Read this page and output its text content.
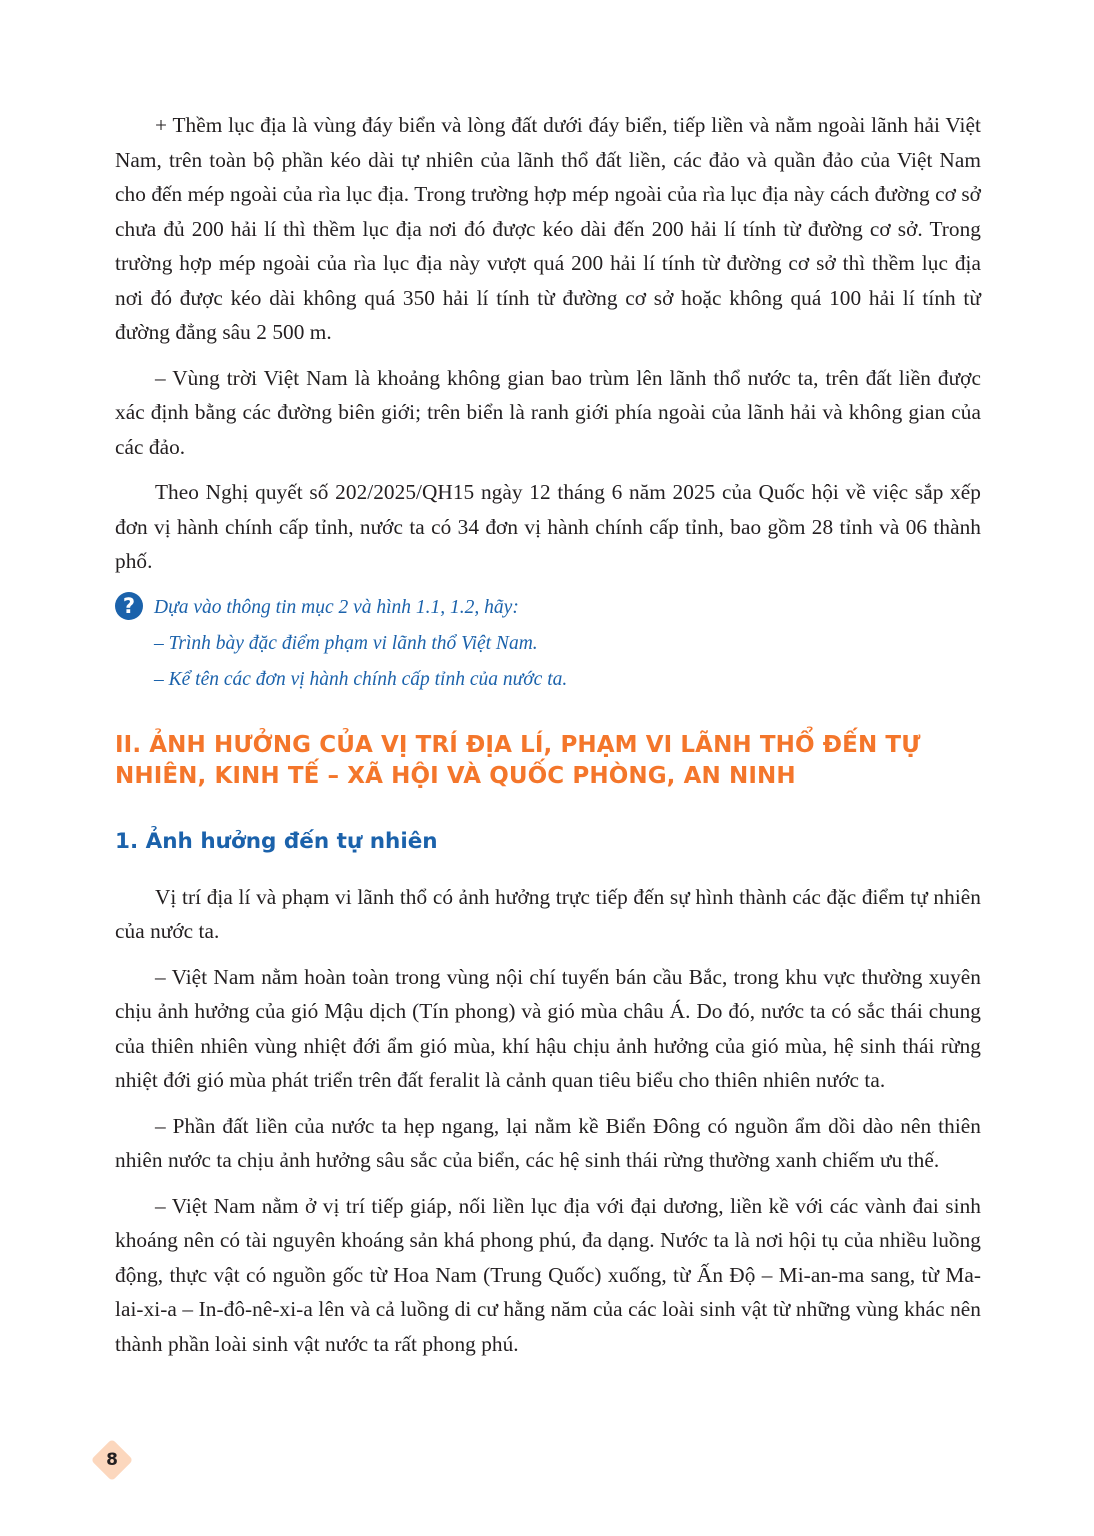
+ Thềm lục địa là vùng đáy biển và lòng đất dưới đáy biển, tiếp liền và nằm ngoài lãnh hải Việt Nam, trên toàn bộ phần kéo dài tự nhiên của lãnh thổ đất liền, các đảo và quần đảo của Việt Nam cho đến mép ngoài của rìa lục địa. Trong trường hợp mép ngoài của rìa lục địa này cách đường cơ sở chưa đủ 200 hải lí thì thềm lục địa nơi đó được kéo dài đến 200 hải lí tính từ đường cơ sở. Trong trường hợp mép ngoài của rìa lục địa này vượt quá 200 hải lí tính từ đường cơ sở thì thềm lục địa nơi đó được kéo dài không quá 350 hải lí tính từ đường cơ sở hoặc không quá 100 hải lí tính từ đường đẳng sâu 2 500 m.

– Vùng trời Việt Nam là khoảng không gian bao trùm lên lãnh thổ nước ta, trên đất liền được xác định bằng các đường biên giới; trên biển là ranh giới phía ngoài của lãnh hải và không gian của các đảo.

Theo Nghị quyết số 202/2025/QH15 ngày 12 tháng 6 năm 2025 của Quốc hội về việc sắp xếp đơn vị hành chính cấp tỉnh, nước ta có 34 đơn vị hành chính cấp tỉnh, bao gồm 28 tỉnh và 06 thành phố.

? Dựa vào thông tin mục 2 và hình 1.1, 1.2, hãy:

– Trình bày đặc điểm phạm vi lãnh thổ Việt Nam.

– Kể tên các đơn vị hành chính cấp tỉnh của nước ta.

II. ẢNH HƯỞNG CỦA VỊ TRÍ ĐỊA LÍ, PHẠM VI LÃNH THỔ ĐẾN TỰ NHIÊN, KINH TẾ – XÃ HỘI VÀ QUỐC PHÒNG, AN NINH
1. Ảnh hưởng đến tự nhiên

Vị trí địa lí và phạm vi lãnh thổ có ảnh hưởng trực tiếp đến sự hình thành các đặc điểm tự nhiên của nước ta.

– Việt Nam nằm hoàn toàn trong vùng nội chí tuyến bán cầu Bắc, trong khu vực thường xuyên chịu ảnh hưởng của gió Mậu dịch (Tín phong) và gió mùa châu Á. Do đó, nước ta có sắc thái chung của thiên nhiên vùng nhiệt đới ẩm gió mùa, khí hậu chịu ảnh hưởng của gió mùa, hệ sinh thái rừng nhiệt đới gió mùa phát triển trên đất feralit là cảnh quan tiêu biểu cho thiên nhiên nước ta.

– Phần đất liền của nước ta hẹp ngang, lại nằm kề Biển Đông có nguồn ẩm dồi dào nên thiên nhiên nước ta chịu ảnh hưởng sâu sắc của biển, các hệ sinh thái rừng thường xanh chiếm ưu thế.

– Việt Nam nằm ở vị trí tiếp giáp, nối liền lục địa với đại dương, liền kề với các vành đai sinh khoáng nên có tài nguyên khoáng sản khá phong phú, đa dạng. Nước ta là nơi hội tụ của nhiều luồng động, thực vật có nguồn gốc từ Hoa Nam (Trung Quốc) xuống, từ Ấn Độ – Mi-an-ma sang, từ Ma-lai-xi-a – In-đô-nê-xi-a lên và cả luồng di cư hằng năm của các loài sinh vật từ những vùng khác nên thành phần loài sinh vật nước ta rất phong phú.

8
